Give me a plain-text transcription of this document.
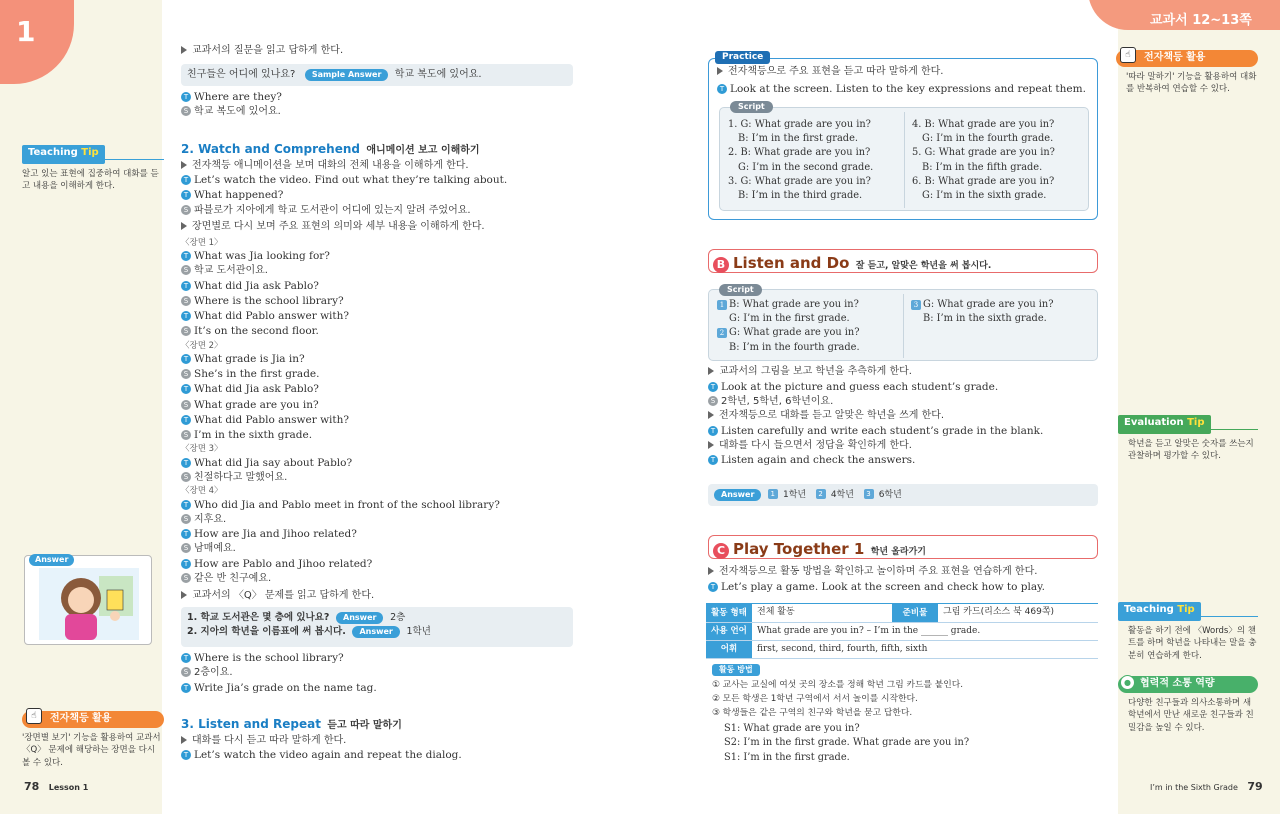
1	교과서 12~13쪽
Teaching Tip
알고 있는 표현에 집중하여 대화를 듣고 내용을 이해하게 한다.
Answer
☝	전자책등 활용
'장면별 보기' 기능을 활용하여 교과서 〈Q〉 문제에 해당하는 장면을 다시 볼 수 있다.
78 Lesson 1
교과서의 질문을 읽고 답하게 한다.
친구들은 어디에 있나요? Sample Answer 학교 복도에 있어요.
T Where are they?
S 학교 복도에 있어요.
2. Watch and Comprehend 애니메이션 보고 이해하기
전자책등 애니메이션을 보며 대화의 전체 내용을 이해하게 한다.
T Let’s watch the video. Find out what they’re talking about.
T What happened?
S 파블로가 지아에게 학교 도서관이 어디에 있는지 알려 주었어요.
장면별로 다시 보며 주요 표현의 의미와 세부 내용을 이해하게 한다.
〈장면 1〉
T What was Jia looking for?
S 학교 도서관이요.
T What did Jia ask Pablo?
S Where is the school library?
T What did Pablo answer with?
S It’s on the second floor.
〈장면 2〉
T What grade is Jia in?
S She’s in the first grade.
T What did Jia ask Pablo?
S What grade are you in?
T What did Pablo answer with?
S I’m in the sixth grade.
〈장면 3〉
T What did Jia say about Pablo?
S 친절하다고 말했어요.
〈장면 4〉
T Who did Jia and Pablo meet in front of the school library?
S 지후요.
T How are Jia and Jihoo related?
S 남매예요.
T How are Pablo and Jihoo related?
S 같은 반 친구예요.
교과서의 〈Q〉 문제를 읽고 답하게 한다.
1. 학교 도서관은 몇 층에 있나요? Answer 2층
2. 지아의 학년을 이름표에 써 봅시다. Answer 1학년
T Where is the school library?
S 2층이요.
T Write Jia’s grade on the name tag.
3. Listen and Repeat 듣고 따라 말하기
대화를 다시 듣고 따라 말하게 한다.
T Let’s watch the video again and repeat the dialog.
Practice
전자책등으로 주요 표현을 듣고 따라 말하게 한다.
T Look at the screen. Listen to the key expressions and repeat them.
Script
1. G: What grade are you in?
B: I’m in the first grade.
2. B: What grade are you in?
G: I’m in the second grade.
3. G: What grade are you in?
B: I’m in the third grade.
4. B: What grade are you in?
G: I’m in the fourth grade.
5. G: What grade are you in?
B: I’m in the fifth grade.
6. B: What grade are you in?
G: I’m in the sixth grade.
B Listen and Do 잘 듣고, 알맞은 학년을 써 봅시다.
Script
1 B: What grade are you in?
G: I’m in the first grade.
2 G: What grade are you in?
B: I’m in the fourth grade.
3 G: What grade are you in?
B: I’m in the sixth grade.
교과서의 그림을 보고 학년을 추측하게 한다.
T Look at the picture and guess each student’s grade.
S 2학년, 5학년, 6학년이요.
전자책등으로 대화를 듣고 알맞은 학년을 쓰게 한다.
T Listen carefully and write each student’s grade in the blank.
대화를 다시 들으면서 정답을 확인하게 한다.
T Listen again and check the answers.
Answer 1 1학년 2 4학년 3 6학년
C Play Together 1 학년 올라가기
전자책등으로 활동 방법을 확인하고 놀이하며 주요 표현을 연습하게 한다.
T Let’s play a game. Look at the screen and check how to play.
활동 형태	전체 활동	준비물	그림 카드(리소스 북 469쪽)
사용 언어	What grade are you in? – I’m in the ______ grade.		
어휘	first, second, third, fourth, fifth, sixth		
활동 방법
① 교사는 교실에 여섯 곳의 장소를 정해 학년 그림 카드를 붙인다.
② 모든 학생은 1학년 구역에서 서서 놀이를 시작한다.
③ 학생들은 같은 구역의 친구와 학년을 묻고 답한다.
S1: What grade are you in?
S2: I’m in the first grade. What grade are you in?
S1: I’m in the first grade.
☝	전자책등 활용
'따라 말하기' 기능을 활용하여 대화를 반복하여 연습할 수 있다.
Evaluation Tip
학년을 듣고 알맞은 숫자를 쓰는지 관찰하며 평가할 수 있다.
Teaching Tip
활동을 하기 전에 〈Words〉의 챈트를 하며 학년을 나타내는 말을 충분히 연습하게 한다.
● 협력적 소통 역량
다양한 친구들과 의사소통하며 새 학년에서 만난 새로운 친구들과 친밀감을 높일 수 있다.
I’m in the Sixth Grade 79
